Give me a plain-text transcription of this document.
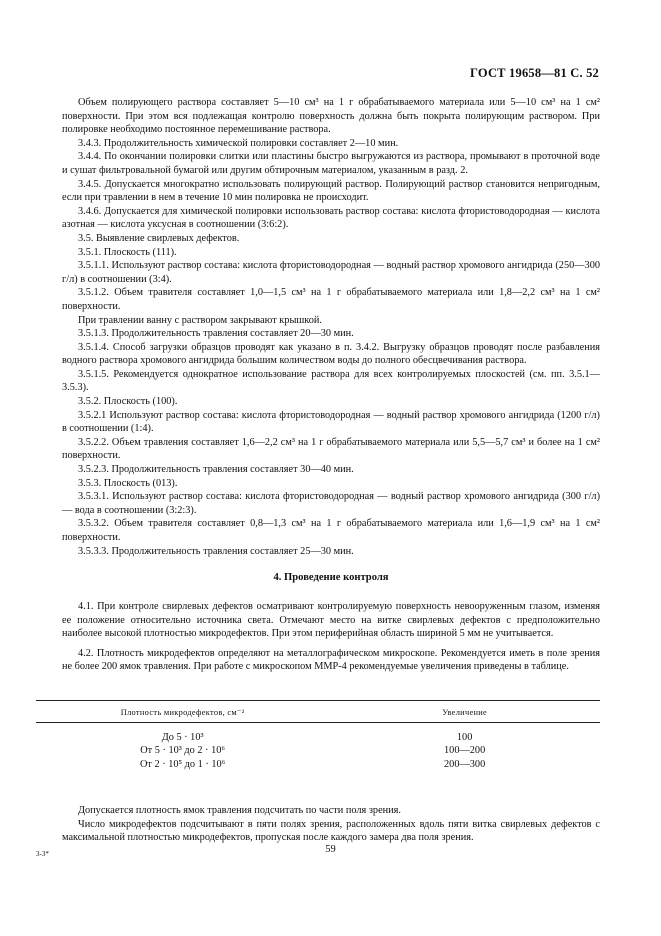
ГОСТ 19658—81 С. 52

Объем полирующего раствора составляет 5—10 см³ на 1 г обрабатываемого материала или 5—10 см³ на 1 см² поверхности. При этом вся подлежащая контролю поверхность должна быть покрыта полирующим раствором. При полировке необходимо постоянное перемешивание раствора.

3.4.3. Продолжительность химической полировки составляет 2—10 мин.

3.4.4. По окончании полировки слитки или пластины быстро выгружаются из раствора, промывают в проточной воде и сушат фильтровальной бумагой или другим обтирочным материалом, указанным в разд. 2.

3.4.5. Допускается многократно использовать полирующий раствор. Полирующий раствор становится непригодным, если при травлении в нем в течение 10 мин полировка не происходит.

3.4.6. Допускается для химической полировки использовать раствор состава: кислота фтористоводородная — кислота азотная — кислота уксусная в соотношении (3:6:2).

3.5. Выявление свирлевых дефектов.

3.5.1. Плоскость (111).

3.5.1.1. Используют раствор состава: кислота фтористоводородная — водный раствор хромового ангидрида (250—300 г/л) в соотношении (3:4).

3.5.1.2. Объем травителя составляет 1,0—1,5 см³ на 1 г обрабатываемого материала или 1,8—2,2 см³ на 1 см² поверхности.

При травлении ванну с раствором закрывают крышкой.

3.5.1.3. Продолжительность травления составляет 20—30 мин.

3.5.1.4. Способ загрузки образцов проводят как указано в п. 3.4.2. Выгрузку образцов проводят после разбавления водного раствора хромового ангидрида большим количеством воды до полного обесцвечивания раствора.

3.5.1.5. Рекомендуется однократное использование раствора для всех контролируемых плоскостей (см. пп. 3.5.1—3.5.3).

3.5.2. Плоскость (100).

3.5.2.1 Используют раствор состава: кислота фтористоводородная — водный раствор хромового ангидрида (1200 г/л) в соотношении (1:4).

3.5.2.2. Объем травления составляет 1,6—2,2 см³ на 1 г обрабатываемого материала или 5,5—5,7 см³ и более на 1 см² поверхности.

3.5.2.3. Продолжительность травления составляет 30—40 мин.

3.5.3. Плоскость (013).

3.5.3.1. Используют раствор состава: кислота фтористоводородная — водный раствор хромового ангидрида (300 г/л) — вода в соотношении (3:2:3).

3.5.3.2. Объем травителя составляет 0,8—1,3 см³ на 1 г обрабатываемого материала или 1,6—1,9 см³ на 1 см² поверхности.

3.5.3.3. Продолжительность травления составляет 25—30 мин.

4. Проведение контроля

4.1. При контроле свирлевых дефектов осматривают контролируемую поверхность невооруженным глазом, изменяя ее положение относительно источника света. Отмечают место на витке свирлевых дефектов с предположительно наиболее высокой плотностью микродефектов. При этом периферийная область шириной 5 мм не учитывается.

4.2. Плотность микродефектов определяют на металлографическом микроскопе. Рекомендуется иметь в поле зрения не более 200 ямок травления. При работе с микроскопом ММР-4 рекомендуемые увеличения приведены в таблице.

Плотность микродефектов, см⁻²	Увеличение

До 5 · 10³	100
От 5 · 10³ до 2 · 10⁶	100—200
От 2 · 10⁵ до 1 · 10⁶	200—300

Допускается плотность ямок травления подсчитать по части поля зрения.

Число микродефектов подсчитывают в пяти полях зрения, расположенных вдоль пяти витка свирлевых дефектов с максимальной плотностью микродефектов, пропуская после каждого замера два поля зрения.

3-3*	59
